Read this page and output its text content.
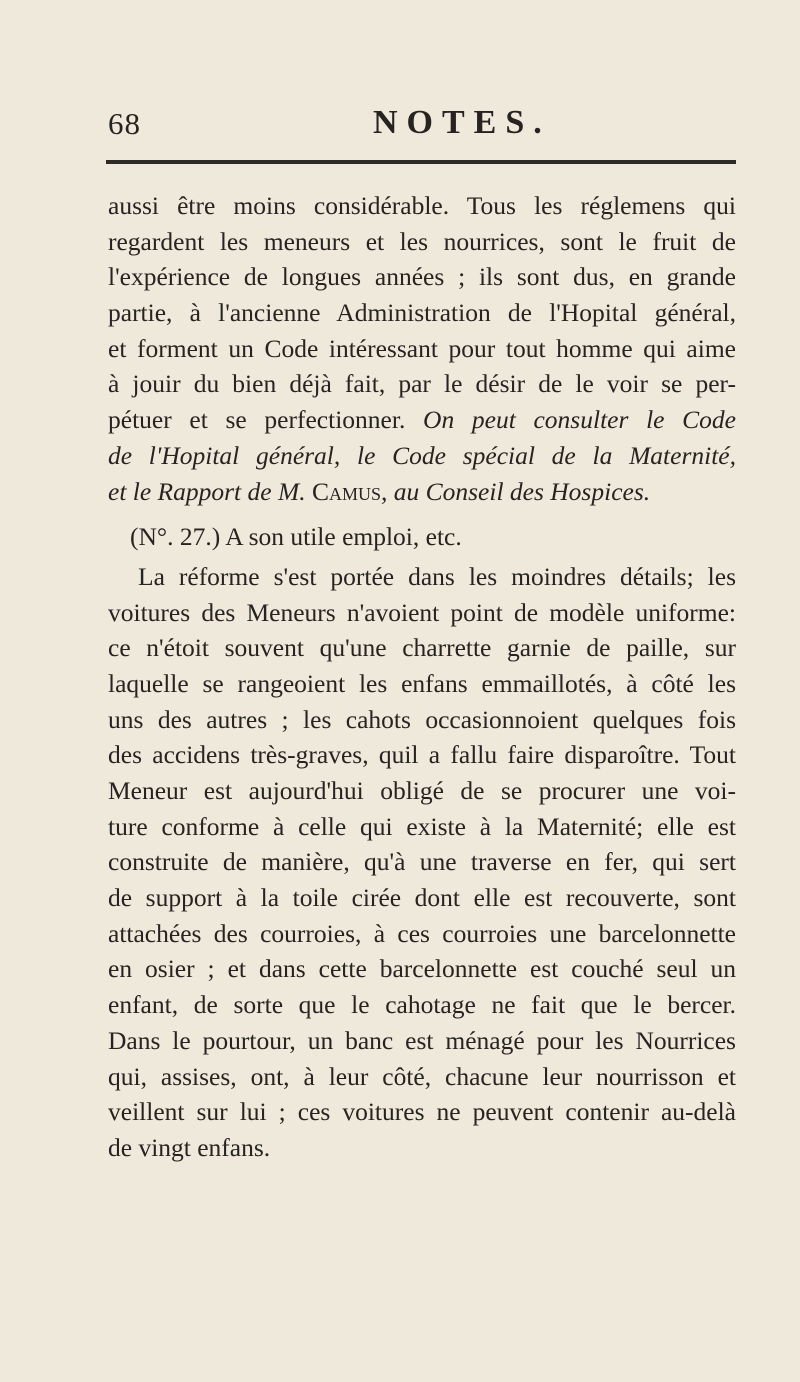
68	NOTES.
aussi être moins considérable. Tous les réglemens qui
regardent les meneurs et les nourrices, sont le fruit de
l'expérience de longues années ; ils sont dus, en grande
partie, à l'ancienne Administration de l'Hopital général,
et forment un Code intéressant pour tout homme qui aime
à jouir du bien déjà fait, par le désir de le voir se per-
pétuer et se perfectionner. On peut consulter le Code
de l'Hopital général, le Code spécial de la Maternité,
et le Rapport de M. Camus, au Conseil des Hospices.
(N°. 27.) A son utile emploi, etc.
La réforme s'est portée dans les moindres détails; les
voitures des Meneurs n'avoient point de modèle uniforme:
ce n'étoit souvent qu'une charrette garnie de paille, sur
laquelle se rangeoient les enfans emmaillotés, à côté les
uns des autres ; les cahots occasionnoient quelques fois
des accidens très-graves, quil a fallu faire disparoître. Tout
Meneur est aujourd'hui obligé de se procurer une voi-
ture conforme à celle qui existe à la Maternité; elle est
construite de manière, qu'à une traverse en fer, qui sert
de support à la toile cirée dont elle est recouverte, sont
attachées des courroies, à ces courroies une barcelonnette
en osier ; et dans cette barcelonnette est couché seul un
enfant, de sorte que le cahotage ne fait que le bercer.
Dans le pourtour, un banc est ménagé pour les Nourrices
qui, assises, ont, à leur côté, chacune leur nourrisson et
veillent sur lui ; ces voitures ne peuvent contenir au-delà
de vingt enfans.
